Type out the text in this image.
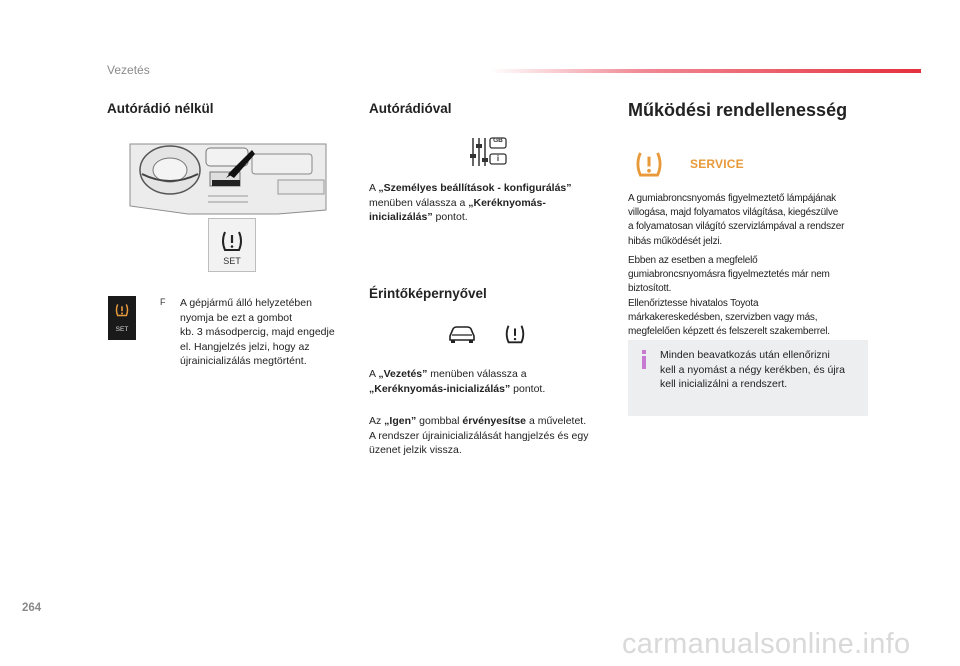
Vezetés
Autórádió nélkül
SET
SET
F A gépjármű álló helyzetében
nyomja be ezt a gombot
kb. 3 másodpercig, majd engedje
el. Hangjelzés jelzi, hogy az
újrainicializálás megtörtént.
Autórádióval
GB
i
A „Személyes beállítások - konfigurálás”
menüben válassza a „Keréknyomás-
inicializálás” pontot.
Érintőképernyővel
A „Vezetés” menüben válassza a
„Keréknyomás-inicializálás” pontot.
Az „Igen” gombbal érvényesítse a műveletet.
A rendszer újrainicializálását hangjelzés és egy
üzenet jelzik vissza.
Működési rendellenesség
SERVICE
A gumiabroncsnyomás figyelmeztető lámpájának
villogása, majd folyamatos világítása, kiegészülve
a folyamatosan világító szervizlámpával a rendszer
hibás működését jelzi.
Ebben az esetben a megfelelő
gumiabroncsnyomásra figyelmeztetés már nem
biztosított.
Ellenőriztesse hivatalos Toyota
márkakereskedésben, szervizben vagy más,
megfelelően képzett és felszerelt szakemberrel.
Minden beavatkozás után ellenőrizni
kell a nyomást a négy kerékben, és újra
kell inicializálni a rendszert.
264
carmanualsonline.info
